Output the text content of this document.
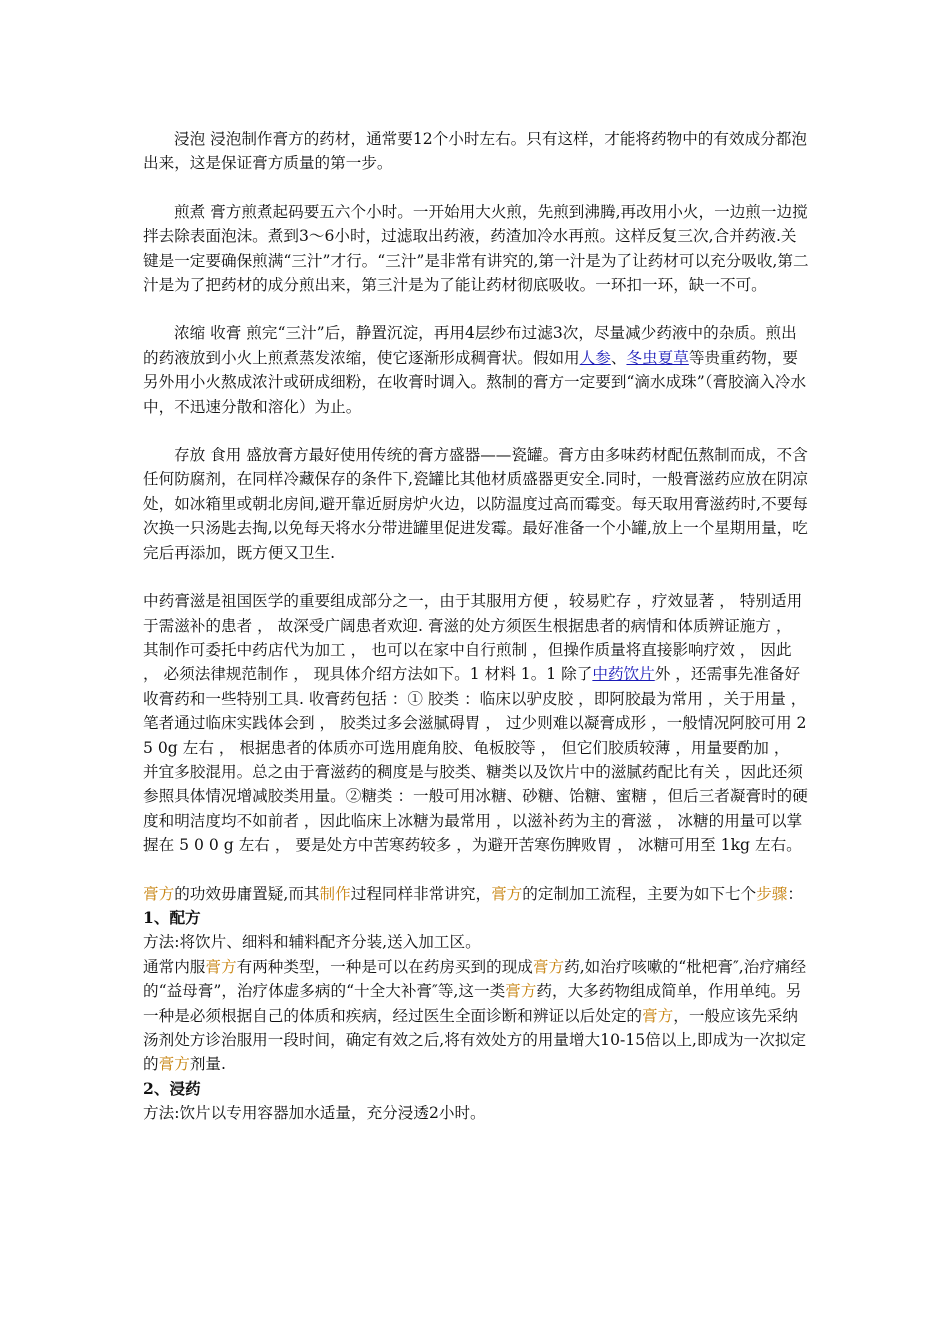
浸泡 浸泡制作膏方的药材，通常要12个小时左右。只有这样，才能将药物中的有效成分都泡出来，这是保证膏方质量的第一步。

煎煮 膏方煎煮起码要五六个小时。一开始用大火煎，先煎到沸腾,再改用小火，一边煎一边搅拌去除表面泡沫。煮到3～6小时，过滤取出药液，药渣加冷水再煎。这样反复三次,合并药液.关键是一定要确保煎满“三汁”才行。“三汁”是非常有讲究的,第一汁是为了让药材可以充分吸收,第二汁是为了把药材的成分煎出来，第三汁是为了能让药材彻底吸收。一环扣一环，缺一不可。

浓缩 收膏 煎完“三汁”后，静置沉淀，再用4层纱布过滤3次，尽量减少药液中的杂质。煎出的药液放到小火上煎煮蒸发浓缩，使它逐渐形成稠膏状。假如用人参、冬虫夏草等贵重药物，要另外用小火熬成浓汁或研成细粉，在收膏时调入。熬制的膏方一定要到“滴水成珠”（膏胶滴入冷水中，不迅速分散和溶化）为止。

存放 食用 盛放膏方最好使用传统的膏方盛器——瓷罐。膏方由多味药材配伍熬制而成，不含任何防腐剂，在同样冷藏保存的条件下,瓷罐比其他材质盛器更安全.同时，一般膏滋药应放在阴凉处，如冰箱里或朝北房间,避开靠近厨房炉火边，以防温度过高而霉变。每天取用膏滋药时,不要每次换一只汤匙去掏,以免每天将水分带进罐里促进发霉。最好准备一个小罐,放上一个星期用量，吃完后再添加，既方便又卫生.

中药膏滋是祖国医学的重要组成部分之一，由于其服用方便 ，较易贮存 ，疗效显著 ， 特别适用于需滋补的患者 ， 故深受广阔患者欢迎. 膏滋的处方须医生根据患者的病情和体质辨证施方 ， 其制作可委托中药店代为加工 ， 也可以在家中自行煎制 ，但操作质量将直接影响疗效 ， 因此 ， 必须法律规范制作 ， 现具体介绍方法如下。1 材料 1。1 除了中药饮片外 ，还需事先准备好收膏药和一些特别工具. 收膏药包括 ：① 胶类 ：临床以驴皮胶 ，即阿胶最为常用 ，关于用量 ，笔者通过临床实践体会到 ， 胶类过多会滋腻碍胃 ， 过少则难以凝膏成形 ，一般情况阿胶可用 2 5 0g 左右 ， 根据患者的体质亦可选用鹿角胶、龟板胶等 ， 但它们胶质较薄 ，用量要酌加 ， 并宜多胶混用。总之由于膏滋药的稠度是与胶类、糖类以及饮片中的滋腻药配比有关 ，因此还须参照具体情况增减胶类用量。②糖类 ：一般可用冰糖、砂糖、饴糖、蜜糖 ，但后三者凝膏时的硬度和明洁度均不如前者 ，因此临床上冰糖为最常用 ，以滋补药为主的膏滋 ， 冰糖的用量可以掌握在 5 0 0 g 左右 ， 要是处方中苦寒药较多 ，为避开苦寒伤脾败胃 ， 冰糖可用至 1kg 左右。

膏方的功效毋庸置疑,而其制作过程同样非常讲究，膏方的定制加工流程，主要为如下七个步骤：

1、配方

方法:将饮片、细料和辅料配齐分装,送入加工区。

通常内服膏方有两种类型，一种是可以在药房买到的现成膏方药,如治疗咳嗽的“枇杷膏″,治疗痛经的“益母膏”，治疗体虚多病的“十全大补膏″等,这一类膏方药，大多药物组成简单，作用单纯。另一种是必须根据自己的体质和疾病，经过医生全面诊断和辨证以后处定的膏方，一般应该先采纳汤剂处方诊治服用一段时间，确定有效之后,将有效处方的用量增大10-15倍以上,即成为一次拟定的膏方剂量.

2、浸药

方法:饮片以专用容器加水适量，充分浸透2小时。
